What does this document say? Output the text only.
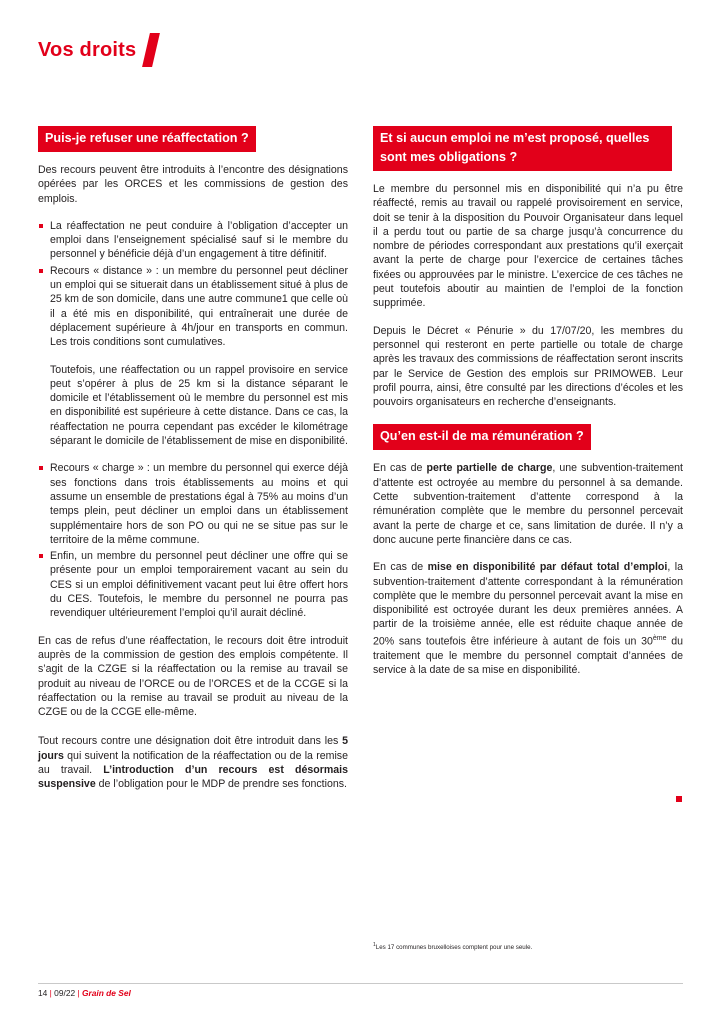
Vos droits
Puis-je refuser une réaffectation ?

Des recours peuvent être introduits à l’encontre des désignations opérées par les ORCES et les commissions de gestion des emplois.

La réaffectation ne peut conduire à l’obligation d’accepter un emploi dans l’enseignement spécialisé sauf si le membre du personnel y bénéficie déjà d’un engagement à titre définitif.
Recours « distance » : un membre du personnel peut décliner un emploi qui se situerait dans un établissement situé à plus de 25 km de son domicile, dans une autre commune1 que celle où il a été mis en disponibilité, qui entraînerait une durée de déplacement supérieure à 4h/jour en transports en commun. Les trois conditions sont cumulatives.
Toutefois, une réaffectation ou un rappel provisoire en service peut s’opérer à plus de 25 km si la distance séparant le domicile et l’établissement où le membre du personnel est mis en disponibilité est supérieure à cette distance. Dans ce cas, la réaffectation ne pourra cependant pas excéder le kilométrage séparant le domicile de l’établissement de mise en disponibilité.
Recours « charge » : un membre du personnel qui exerce déjà ses fonctions dans trois établissements au moins et qui assume un ensemble de prestations égal à 75% au moins d’un temps plein, peut décliner un emploi dans un établissement supplémentaire hors de son PO ou qui ne se situe pas sur le territoire de la même commune.
Enfin, un membre du personnel peut décliner une offre qui se présente pour un emploi temporairement vacant au sein du CES si un emploi définitivement vacant peut lui être offert hors du CES. Toutefois, le membre du personnel ne pourra pas revendiquer ultérieurement l’emploi qu’il aurait décliné.

En cas de refus d’une réaffectation, le recours doit être introduit auprès de la commission de gestion des emplois compétente. Il s’agit de la CZGE si la réaffectation ou la remise au travail se produit au niveau de l’ORCE ou de l’ORCES et de la CCGE si la réaffectation ou la remise au travail se produit au niveau de la CZGE ou de la CCGE elle-même.

Tout recours contre une désignation doit être introduit dans les 5 jours qui suivent la notification de la réaffectation ou de la remise au travail. L’introduction d’un recours est désormais suspensive de l’obligation pour le MDP de prendre ses fonctions.

Et si aucun emploi ne m’est proposé, quelles sont mes obligations ?

Le membre du personnel mis en disponibilité qui n’a pu être réaffecté, remis au travail ou rappelé provisoirement en service, doit se tenir à la disposition du Pouvoir Organisateur dans lequel il a perdu tout ou partie de sa charge jusqu’à concurrence du nombre de périodes correspondant aux prestations qu’il exerçait avant la perte de charge pour l’exercice de certaines tâches fixées ou approuvées par le ministre. L’exercice de ces tâches ne peut toutefois aboutir au maintien de l’emploi de la fonction supprimée.

Depuis le Décret « Pénurie » du 17/07/20, les membres du personnel qui resteront en perte partielle ou totale de charge après les travaux des commissions de réaffectation seront inscrits par le Service de Gestion des emplois sur PRIMOWEB. Leur profil pourra, ainsi, être consulté par les directions d’écoles et les pouvoirs organisateurs en recherche d’enseignants.

Qu’en est-il de ma rémunération ?

En cas de perte partielle de charge, une subvention-traitement d’attente est octroyée au membre du personnel à sa demande. Cette subvention-traitement d’attente correspond à la rémunération complète que le membre du personnel percevait avant la perte de charge et ce, sans limitation de durée. Il n’y a donc aucune perte financière dans ce cas.

En cas de mise en disponibilité par défaut total d’emploi, la subvention-traitement d’attente correspondant à la rémunération complète que le membre du personnel percevait avant la mise en disponibilité est octroyée durant les deux premières années. A partir de la troisième année, elle est réduite chaque année de 20% sans toutefois être inférieure à autant de fois un 30ème du traitement que le membre du personnel comptait d’années de service à la date de sa mise en disponibilité.

$^1$Les 17 communes bruxelloises comptent pour une seule.
14 | 09/22 | Grain de Sel
